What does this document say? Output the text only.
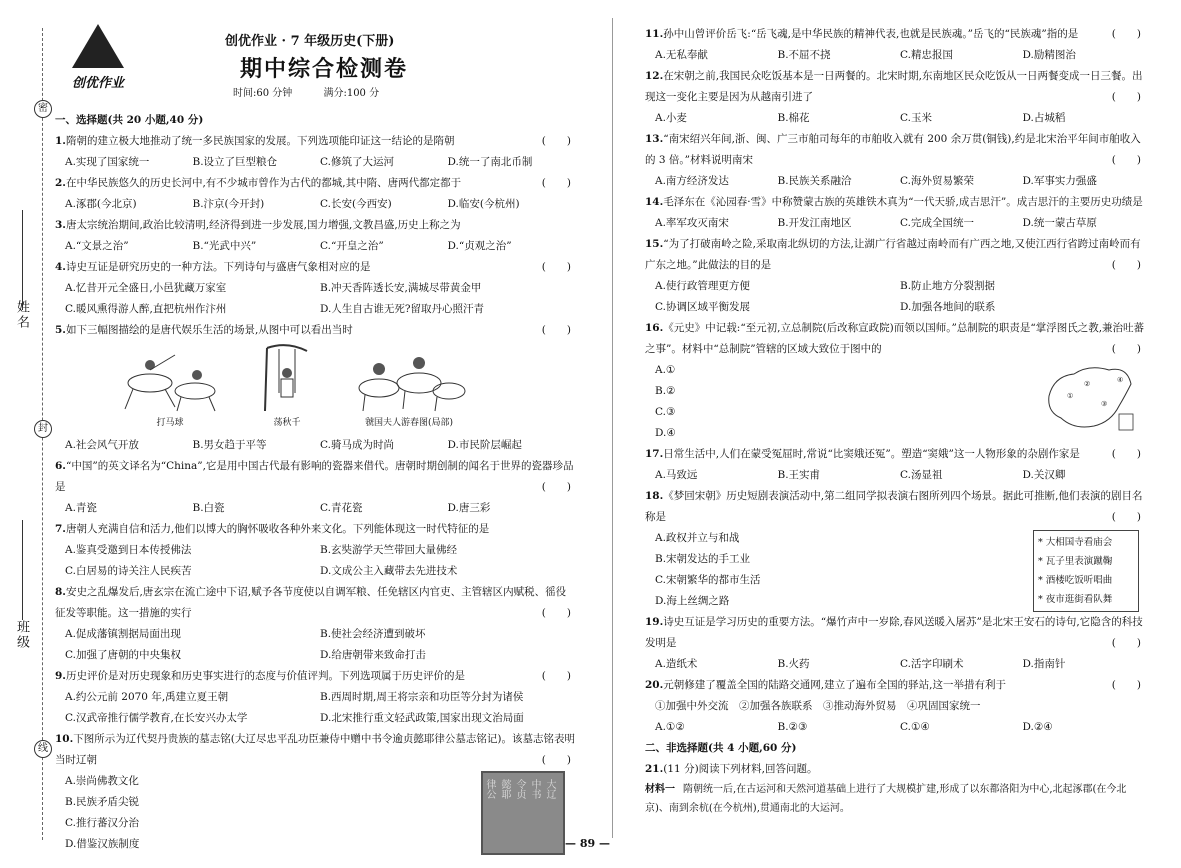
密
封
线
姓名
班级
创优作业
创优作业 · 7 年级历史(下册)
期中综合检测卷
时间:60 分钟	满分:100 分
一、选择题(共 20 小题,40 分)
1.隋朝的建立极大地推动了统一多民族国家的发展。下列选项能印证这一结论的是隋朝	(　　)
A.实现了国家统一	B.设立了巨型粮仓	C.修筑了大运河	D.统一了南北币制
2.在中华民族悠久的历史长河中,有不少城市曾作为古代的都城,其中隋、唐两代都定都于	(　　)
A.涿郡(今北京)	B.汴京(今开封)	C.长安(今西安)	D.临安(今杭州)
3.唐太宗统治期间,政治比较清明,经济得到进一步发展,国力增强,文教昌盛,历史上称之为
A.“文景之治”	B.“光武中兴”	C.“开皇之治”	D.“贞观之治”
4.诗史互证是研究历史的一种方法。下列诗句与盛唐气象相对应的是	(　　)
A.忆昔开元全盛日,小邑犹藏万家室	B.冲天香阵透长安,满城尽带黄金甲
C.暖风熏得游人醉,直把杭州作汴州	D.人生自古谁无死?留取丹心照汗青
5.如下三幅图描绘的是唐代娱乐生活的场景,从图中可以看出当时	(　　)
打马球	荡秋千	虢国夫人游春图(局部)
A.社会风气开放	B.男女趋于平等	C.骑马成为时尚	D.市民阶层崛起
6.“中国”的英文译名为“China”,它是用中国古代最有影响的瓷器来借代。唐朝时期创制的闻名于世界的瓷器珍品是	(　　)
A.青瓷	B.白瓷	C.青花瓷	D.唐三彩
7.唐朝人充满自信和活力,他们以博大的胸怀吸收各种外来文化。下列能体现这一时代特征的是
A.鉴真受邀到日本传授佛法	B.玄奘游学天竺带回大量佛经
C.白居易的诗关注人民疾苦	D.文成公主入藏带去先进技术
8.安史之乱爆发后,唐玄宗在流亡途中下诏,赋予各节度使以自调军粮、任免辖区内官吏、主管辖区内赋税、徭役征发等职能。这一措施的实行	(　　)
A.促成藩镇割据局面出现	B.使社会经济遭到破坏
C.加强了唐朝的中央集权	D.给唐朝带来致命打击
9.历史评价是对历史现象和历史事实进行的态度与价值评判。下列选项属于历史评价的是	(　　)
A.约公元前 2070 年,禹建立夏王朝	B.西周时期,周王将宗亲和功臣等分封为诸侯
C.汉武帝推行儒学教育,在长安兴办太学	D.北宋推行重文轻武政策,国家出现文治局面
10.下图所示为辽代契丹贵族的墓志铭(大辽尽忠平乱功臣兼侍中赠中书令逾贞懿耶律公墓志铭记)。该墓志铭表明当时辽朝	(　　)
大辽
中书
令贞
懿耶
律公
A.崇尚佛教文化
B.民族矛盾尖锐
C.推行蕃汉分治
D.借鉴汉族制度
11.孙中山曾评价岳飞:“岳飞魂,是中华民族的精神代表,也就是民族魂。”岳飞的“民族魂”指的是	(　　)
A.无私奉献	B.不屈不挠	C.精忠报国	D.励精图治
12.在宋朝之前,我国民众吃饭基本是一日两餐的。北宋时期,东南地区民众吃饭从一日两餐变成一日三餐。出现这一变化主要是因为从越南引进了	(　　)
A.小麦	B.棉花	C.玉米	D.占城稻
13.“南宋绍兴年间,浙、闽、广三市舶司每年的市舶收入就有 200 余万贯(铜钱),约是北宋治平年间市舶收入的 3 倍。”材料说明南宋	(　　)
A.南方经济发达	B.民族关系融洽	C.海外贸易繁荣	D.军事实力强盛
14.毛泽东在《沁园春·雪》中称赞蒙古族的英雄铁木真为“一代天骄,成吉思汗”。成吉思汗的主要历史功绩是
A.率军攻灭南宋	B.开发江南地区	C.完成全国统一	D.统一蒙古草原
15.“为了打破南岭之险,采取南北纵切的方法,让湖广行省越过南岭而有广西之地,又使江西行省跨过南岭而有广东之地。”此做法的目的是	(　　)
A.使行政管理更方便	B.防止地方分裂割据
C.协调区域平衡发展	D.加强各地间的联系
16.《元史》中记载:“至元初,立总制院(后改称宣政院)而领以国师。”总制院的职责是“掌浮图氏之教,兼治吐蕃之事”。材料中“总制院”管辖的区域大致位于图中的	(　　)
①
②
③
④
A.①
B.②
C.③
D.④
17.日常生活中,人们在蒙受冤屈时,常说“比窦娥还冤”。塑造“窦娥”这一人物形象的杂剧作家是	(　　)
A.马致远	B.王实甫	C.汤显祖	D.关汉卿
18.《梦回宋朝》历史短剧表演活动中,第二组同学拟表演右图所列四个场景。据此可推断,他们表演的剧目名称是	(　　)
* 大相国寺看庙会
* 瓦子里表演蹴鞠
* 酒楼吃饭听唱曲
* 夜市逛街看队舞
A.政权并立与和战
B.宋朝发达的手工业
C.宋朝繁华的都市生活
D.海上丝绸之路
19.诗史互证是学习历史的重要方法。“爆竹声中一岁除,春风送暖入屠苏”是北宋王安石的诗句,它隐含的科技发明是	(　　)
A.造纸术	B.火药	C.活字印刷术	D.指南针
20.元朝修建了覆盖全国的陆路交通网,建立了遍布全国的驿站,这一举措有利于	(　　)
①加强中外交流　②加强各族联系　③推动海外贸易　④巩固国家统一
A.①②	B.②③	C.①④	D.②④
二、非选择题(共 4 小题,60 分)
21.(11 分)阅读下列材料,回答问题。
材料一 隋朝统一后,在古运河和天然河道基础上进行了大规模扩建,形成了以东都洛阳为中心,北起涿郡(在今北京)、南到余杭(在今杭州),贯通南北的大运河。
— 89 —
